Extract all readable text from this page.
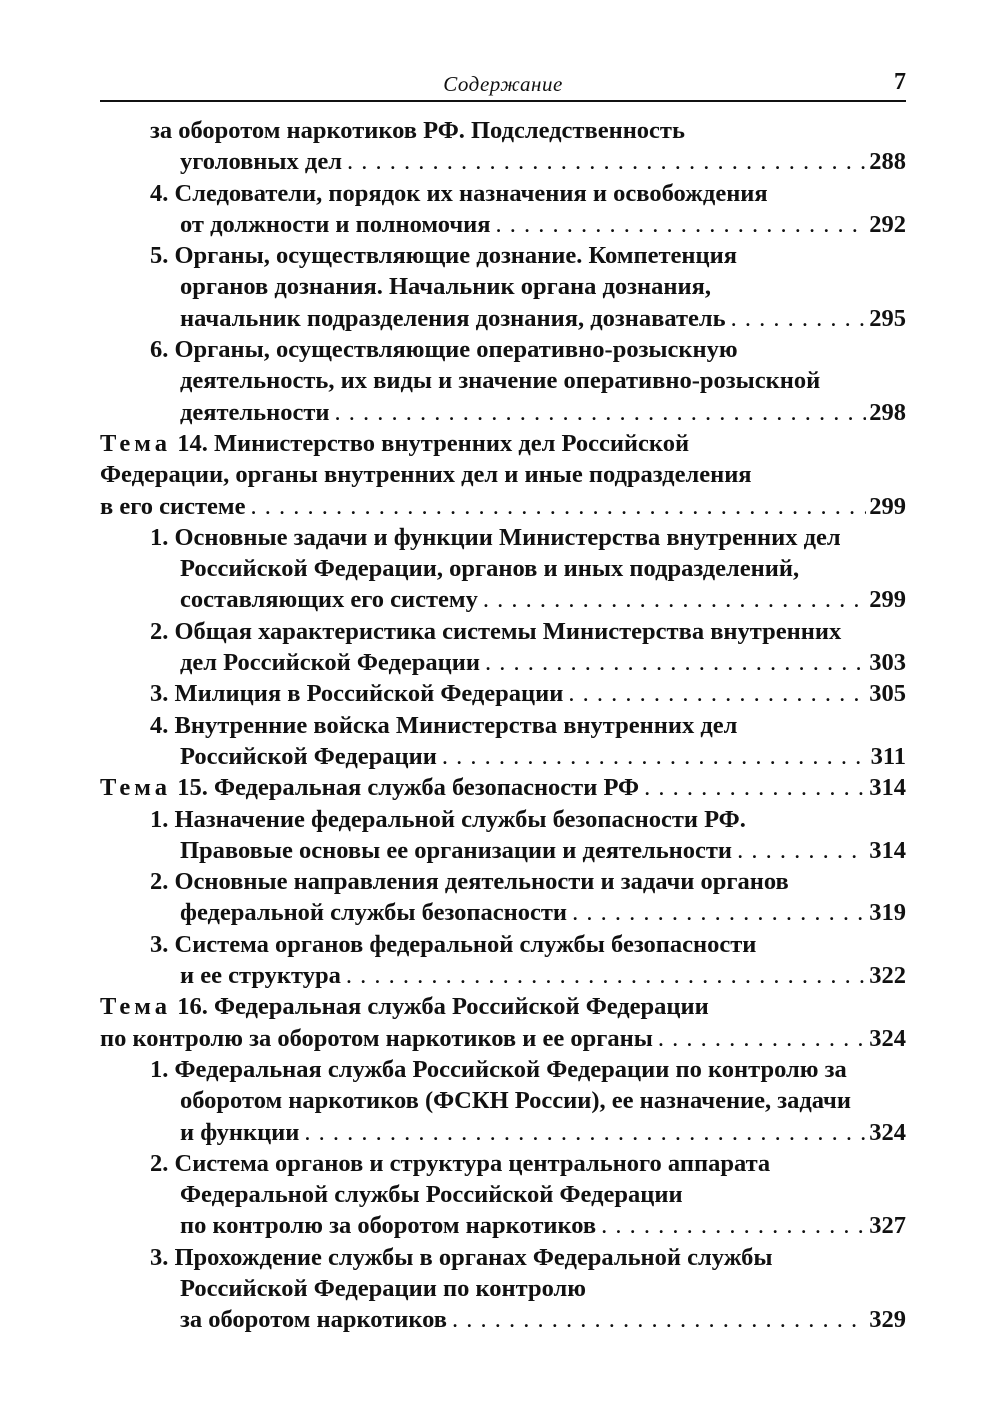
Содержание	7
за оборотом наркотиков РФ. Подследственность
уголовных дел . . .	288
4. Следователи, порядок их назначения и освобождения
от должности и полномочия . . .	292
5. Органы, осуществляющие дознание. Компетенция
органов дознания. Начальник органа дознания,
начальник подразделения дознания, дознаватель . . .	295
6. Органы, осуществляющие оперативно-розыскную
деятельность, их виды и значение оперативно-розыскной
деятельности . . .	298
Тема
14. Министерство внутренних дел Российской
Федерации, органы внутренних дел и иные подразделения
в его системе . . .	299
1. Основные задачи и функции Министерства внутренних дел
Российской Федерации, органов и иных подразделений,
составляющих его систему . . .	299
2. Общая характеристика системы Министерства внутренних
дел Российской Федерации . . .	303
3. Милиция в Российской Федерации . . .	305
4. Внутренние войска Министерства внутренних дел
Российской Федерации . . .	311
Тема
15. Федеральная служба безопасности РФ . . .	314
1. Назначение федеральной службы безопасности РФ.
Правовые основы ее организации и деятельности . . .	314
2. Основные направления деятельности и задачи органов
федеральной службы безопасности . . .	319
3. Система органов федеральной службы безопасности
и ее структура . . .	322
Тема
16. Федеральная служба Российской Федерации
по контролю за оборотом наркотиков и ее органы . . .	324
1. Федеральная служба Российской Федерации по контролю за
оборотом наркотиков (ФСКН России), ее назначение, задачи
и функции . . .	324
2. Система органов и структура центрального аппарата
Федеральной службы Российской Федерации
по контролю за оборотом наркотиков . . .	327
3. Прохождение службы в органах Федеральной службы
Российской Федерации по контролю
за оборотом наркотиков . . .	329
